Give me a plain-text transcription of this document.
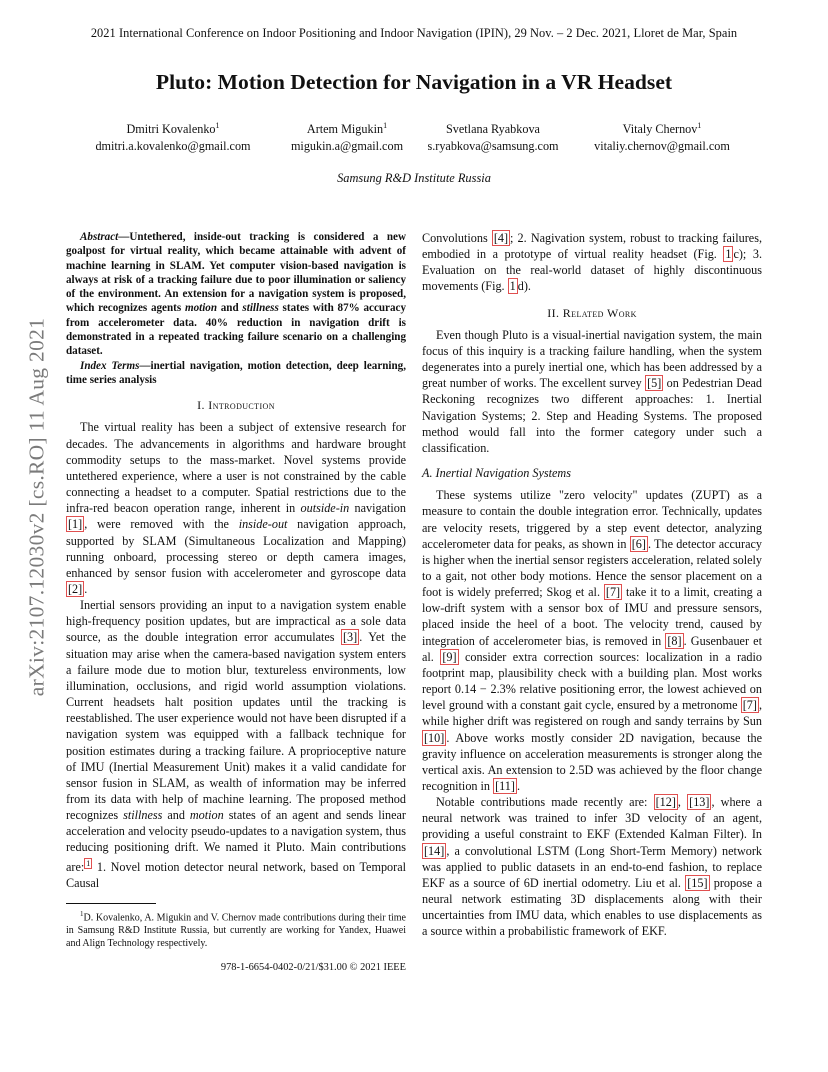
2021 International Conference on Indoor Positioning and Indoor Navigation (IPIN), 29 Nov. – 2 Dec. 2021, Lloret de Mar, Spain
Pluto: Motion Detection for Navigation in a VR Headset
Dmitri Kovalenko$^1$
dmitri.a.kovalenko@gmail.com
Artem Migukin$^1$
migukin.a@gmail.com
Svetlana Ryabkova
s.ryabkova@samsung.com
Vitaly Chernov$^1$
vitaliy.chernov@gmail.com
Samsung R&D Institute Russia
arXiv:2107.12030v2 [cs.RO] 11 Aug 2021

Abstract—Untethered, inside-out tracking is considered a new goalpost for virtual reality, which became attainable with advent of machine learning in SLAM. Yet computer vision-based navigation is always at risk of a tracking failure due to poor illumination or saliency of the environment. An extension for a navigation system is proposed, which recognizes agents motion and stillness states with 87% accuracy from accelerometer data. 40% reduction in navigation drift is demonstrated in a repeated tracking failure scenario on a challenging dataset.

Index Terms—inertial navigation, motion detection, deep learning, time series analysis

I. Introduction

The virtual reality has been a subject of extensive research for decades. The advancements in algorithms and hardware brought commodity setups to the mass-market. Novel systems provide untethered experience, where a user is not constrained by the cable connecting a headset to a computer. Spatial restrictions due to the infra-red beacon operation range, inherent in outside-in navigation [1] , were removed with the inside-out navigation approach, supported by SLAM (Simultaneous Localization and Mapping) running onboard, processing stereo or depth camera images, enhanced by sensor fusion with accelerometer and gyroscope data [2] .

Inertial sensors providing an input to a navigation system enable high-frequency position updates, but are impractical as a sole data source, as the double integration error accumulates [3] . Yet the situation may arise when the camera-based navigation system enters a failure mode due to motion blur, textureless environments, low illumination, occlusions, and rigid world assumption violations. Current headsets halt position updates until the tracking is reestablished. The user experience would not have been disrupted if a navigation system was equipped with a fallback technique for position estimates during a tracking failure. A proprioceptive nature of IMU (Inertial Measurement Unit) makes it a valid candidate for sensor fusion in SLAM, as wealth of information may be inferred from its data with help of machine learning. The proposed method recognizes stillness and motion states of an agent and sends linear acceleration and velocity pseudo-updates to a navigation system, thus reducing positioning drift. We named it Pluto. Main contributions are: $^1$ 1. Novel motion detector neural network, based on Temporal Causal

$^1$D. Kovalenko, A. Migukin and V. Chernov made contributions during their time in Samsung R&D Institute Russia, but currently are working for Yandex, Huawei and Align Technology respectively.

978-1-6654-0402-0/21/$31.00 © 2021 IEEE

Convolutions [4] ; 2. Nagivation system, robust to tracking failures, embodied in a prototype of virtual reality headset (Fig. 1 c); 3. Evaluation on the real-world dataset of highly discontinuous movements (Fig. 1 d).

II. Related Work

Even though Pluto is a visual-inertial navigation system, the main focus of this inquiry is a tracking failure handling, when the system degenerates into a purely inertial one, which has been addressed by a great number of works. The excellent survey [5] on Pedestrian Dead Reckoning recognizes two different approaches: 1. Inertial Navigation Systems; 2. Step and Heading Systems. The proposed method would fall into the former category under such a classification.

A. Inertial Navigation Systems

These systems utilize "zero velocity" updates (ZUPT) as a measure to contain the double integration error. Technically, updates are velocity resets, triggered by a step event detector, analyzing accelerometer data for peaks, as shown in [6] . The detector accuracy is higher when the inertial sensor registers acceleration, related solely to a gait, not other body motions. Hence the sensor placement on a foot is widely preferred; Skog et al. [7] take it to a limit, creating a low-drift system with a sensor box of IMU and pressure sensors, placed inside the heel of a boot. The velocity trend, caused by integration of accelerometer bias, is removed in [8] . Gusenbauer et al. [9] consider extra correction sources: localization in a radio footprint map, plausibility check with a building plan. Most works report 0.14 − 2.3% relative positioning error, the lowest achieved on level ground with a constant gait cycle, ensured by a metronome [7] , while higher drift was registered on rough and sandy terrains by Sun [10] . Above works mostly consider 2D navigation, because the gravity influence on acceleration measurements is stronger along the vertical axis. An extension to 2.5D was achieved by the floor change recognition in [11] .

Notable contributions made recently are: [12] , [13] , where a neural network was trained to infer 3D velocity of an agent, providing a useful constraint to EKF (Extended Kalman Filter). In [14] , a convolutional LSTM (Long Short-Term Memory) network was applied to public datasets in an end-to-end fashion, to replace EKF as a source of 6D inertial odometry. Liu et al. [15] propose a neural network estimating 3D displacements along with their uncertainties from IMU data, which enables to use displacements as a source within a probabilistic framework of EKF.
